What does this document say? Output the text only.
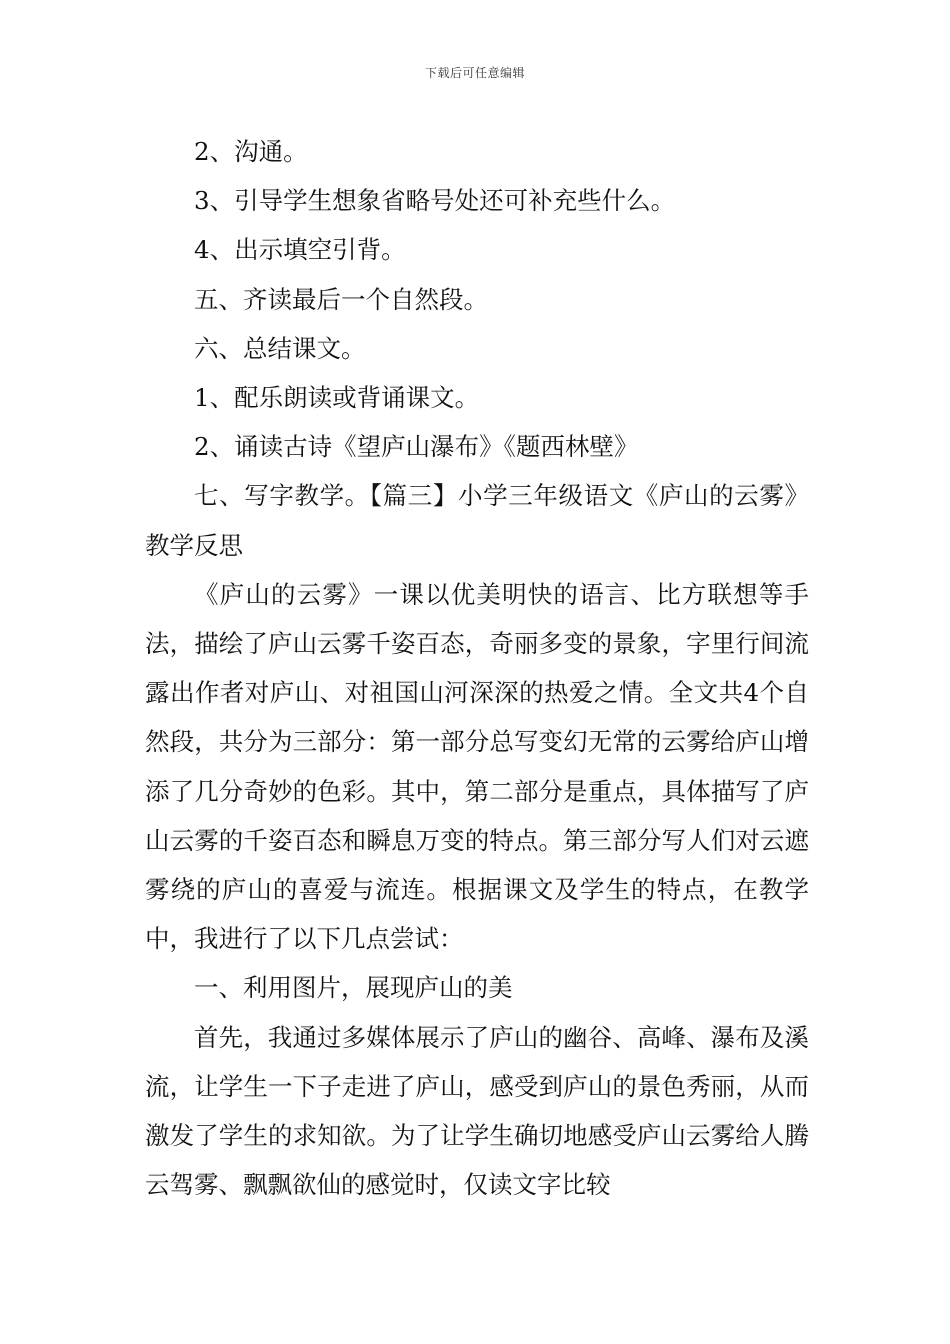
下载后可任意编辑

2、沟通。

3、引导学生想象省略号处还可补充些什么。

4、出示填空引背。

五、齐读最后一个自然段。

六、总结课文。

1、配乐朗读或背诵课文。

2、诵读古诗《望庐山瀑布》《题西林壁》

七、写字教学。【篇三】小学三年级语文《庐山的云雾》教学反思

《庐山的云雾》一课以优美明快的语言、比方联想等手法，描绘了庐山云雾千姿百态，奇丽多变的景象，字里行间流露出作者对庐山、对祖国山河深深的热爱之情。全文共4个自然段，共分为三部分：第一部分总写变幻无常的云雾给庐山增添了几分奇妙的色彩。其中，第二部分是重点，具体描写了庐山云雾的千姿百态和瞬息万变的特点。第三部分写人们对云遮雾绕的庐山的喜爱与流连。根据课文及学生的特点，在教学中，我进行了以下几点尝试：

一、利用图片，展现庐山的美

首先，我通过多媒体展示了庐山的幽谷、高峰、瀑布及溪流，让学生一下子走进了庐山，感受到庐山的景色秀丽，从而激发了学生的求知欲。为了让学生确切地感受庐山云雾给人腾云驾雾、飘飘欲仙的感觉时，仅读文字比较
